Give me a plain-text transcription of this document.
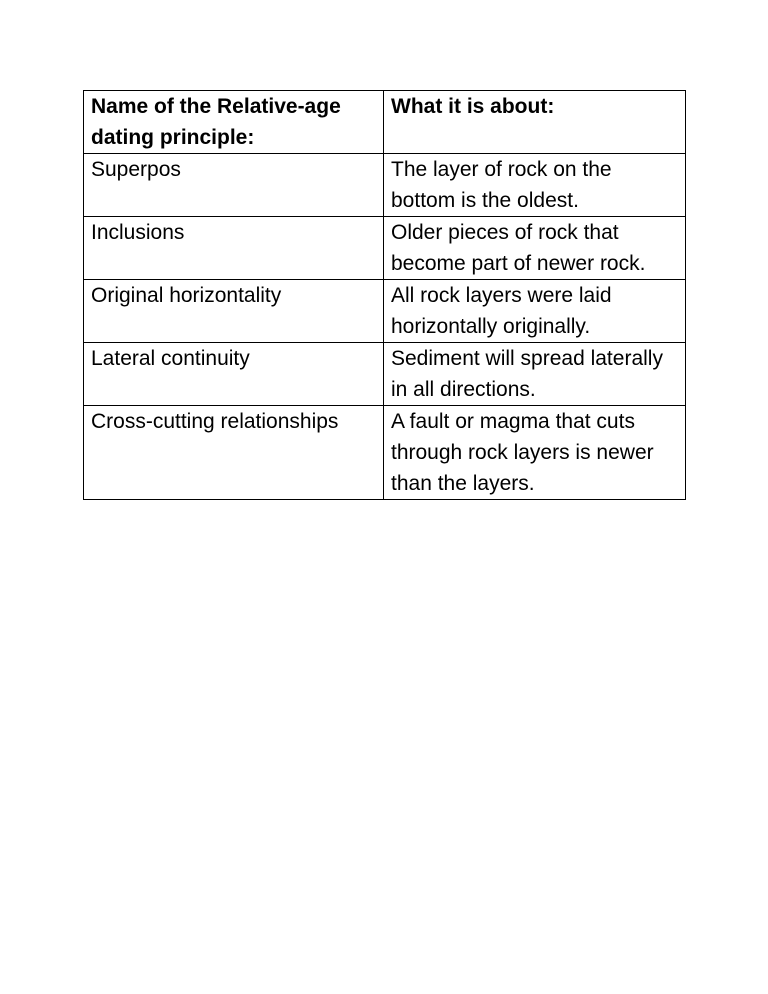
Name of the Relative-age dating principle:	What it is about:

Superpos	The layer of rock on the bottom is the oldest.

Inclusions	Older pieces of rock that become part of newer rock.

Original horizontality	All rock layers were laid horizontally originally.

Lateral continuity	Sediment will spread laterally in all directions.

Cross-cutting relationships	A fault or magma that cuts through rock layers is newer than the layers.
